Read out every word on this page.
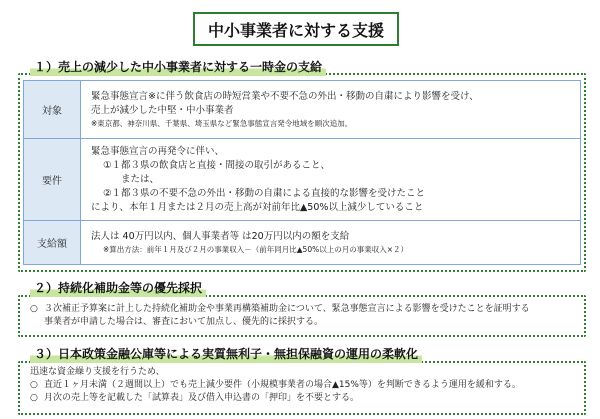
中小事業者に対する支援
１）売上の減少した中小事業者に対する一時金の支給
対象	緊急事態宣言※に伴う飲食店の時短営業や不要不急の外出・移動の自粛により影響を受け、
売上が減少した中堅・中小事業者
※東京都、神奈川県、千葉県、埼玉県など緊急事態宣言発令地域を順次追加。

要件	緊急事態宣言の再発令に伴い、
①１都３県の飲食店と直接・間接の取引があること、
または、
②１都３県の不要不急の外出・移動の自粛による直接的な影響を受けたこと
により、本年１月または２月の売上高が対前年比▲50%以上減少していること

支給額	法人は 40万円以内、個人事業者等 は20万円以内の額を支給
※算出方法：前年１月及び２月の事業収入－（前年同月比▲50%以上の月の事業収入×２）
２）持続化補助金等の優先採択
○ ３次補正予算案に計上した持続化補助金や事業再構築補助金について、緊急事態宣言による影響を受けたことを証明する
事業者が申請した場合は、審査において加点し、優先的に採択する。
３）日本政策金融公庫等による実質無利子・無担保融資の運用の柔軟化
迅速な資金繰り支援を行うため、
○ 直近１ヶ月未満（２週間以上）でも売上減少要件（小規模事業者の場合▲15%等）を判断できるよう運用を緩和する。
○ 月次の売上等を記載した「試算表」及び借入申込書の「押印」を不要とする。
